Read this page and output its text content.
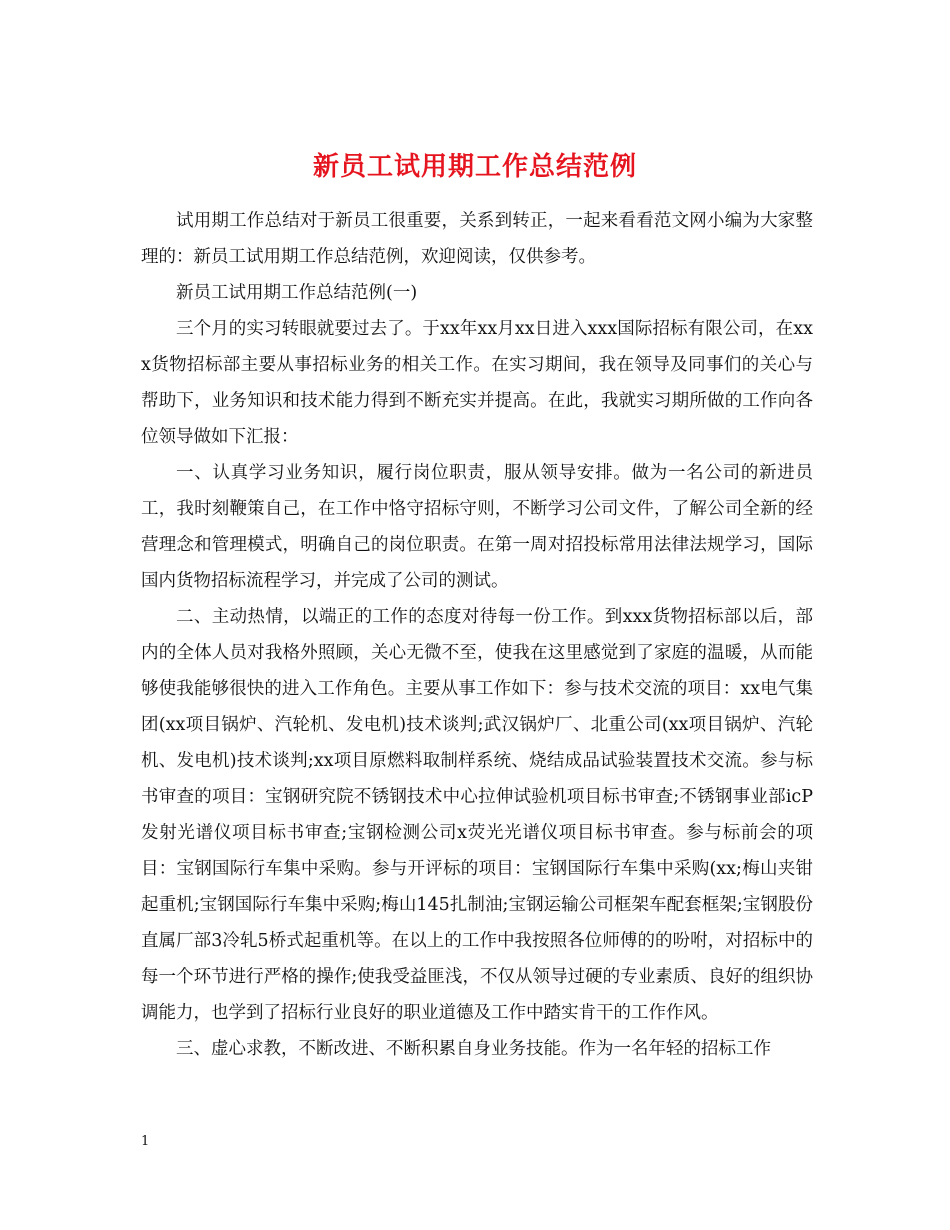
新员工试用期工作总结范例

试用期工作总结对于新员工很重要，关系到转正，一起来看看范文网小编为大家整理的：新员工试用期工作总结范例，欢迎阅读，仅供参考。

新员工试用期工作总结范例(一)

三个月的实习转眼就要过去了。于xx年xx月xx日进入xxx国际招标有限公司，在xxx货物招标部主要从事招标业务的相关工作。在实习期间，我在领导及同事们的关心与帮助下，业务知识和技术能力得到不断充实并提高。在此，我就实习期所做的工作向各位领导做如下汇报：

一、认真学习业务知识，履行岗位职责，服从领导安排。做为一名公司的新进员工，我时刻鞭策自己，在工作中恪守招标守则，不断学习公司文件，了解公司全新的经营理念和管理模式，明确自己的岗位职责。在第一周对招投标常用法律法规学习，国际国内货物招标流程学习，并完成了公司的测试。

二、主动热情，以端正的工作的态度对待每一份工作。到xxx货物招标部以后，部内的全体人员对我格外照顾，关心无微不至，使我在这里感觉到了家庭的温暖，从而能够使我能够很快的进入工作角色。主要从事工作如下：参与技术交流的项目：xx电气集团(xx项目锅炉、汽轮机、发电机)技术谈判;武汉锅炉厂、北重公司(xx项目锅炉、汽轮机、发电机)技术谈判;xx项目原燃料取制样系统、烧结成品试验装置技术交流。参与标书审查的项目：宝钢研究院不锈钢技术中心拉伸试验机项目标书审查;不锈钢事业部icP发射光谱仪项目标书审查;宝钢检测公司x荧光光谱仪项目标书审查。参与标前会的项目：宝钢国际行车集中采购。参与开评标的项目：宝钢国际行车集中采购(xx;梅山夹钳起重机;宝钢国际行车集中采购;梅山145扎制油;宝钢运输公司框架车配套框架;宝钢股份直属厂部3冷轧5桥式起重机等。在以上的工作中我按照各位师傅的的吩咐，对招标中的每一个环节进行严格的操作;使我受益匪浅，不仅从领导过硬的专业素质、良好的组织协调能力，也学到了招标行业良好的职业道德及工作中踏实肯干的工作作风。

三、虚心求教，不断改进、不断积累自身业务技能。作为一名年轻的招标工作

1
